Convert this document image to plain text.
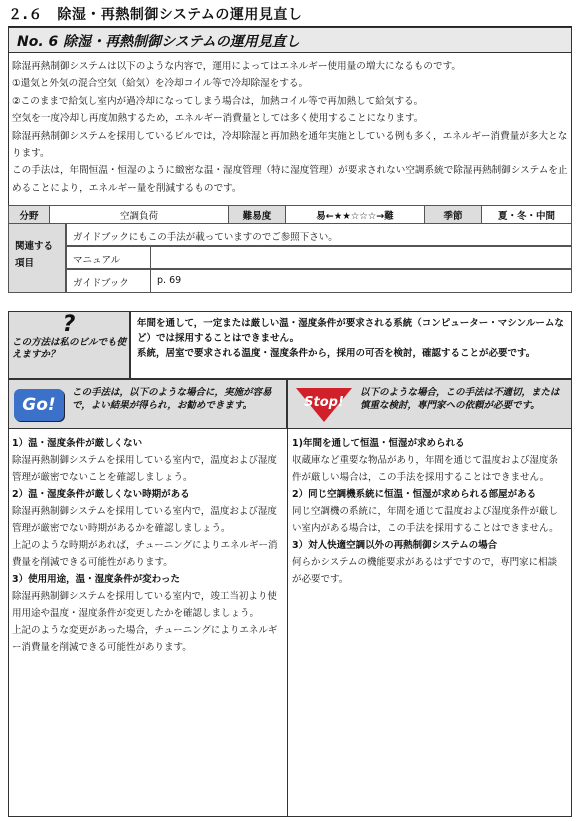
２.６　除湿・再熱制御システムの運用見直し
No. 6 除湿・再熱制御システムの運用見直し
除湿再熱制御システムは以下のような内容で，運用によってはエネルギー使用量の増大になるものです。
①還気と外気の混合空気（給気）を冷却コイル等で冷却除湿をする。
②このままで給気し室内が過冷却になってしまう場合は，加熱コイル等で再加熱して給気する。
空気を一度冷却し再度加熱するため，エネルギー消費量としては多く使用することになります。
除湿再熱制御システムを採用しているビルでは，冷却除湿と再加熱を通年実施としている例も多く，エネルギー消費量が多大となります。
この手法は，年間恒温・恒湿のように緻密な温・湿度管理（特に湿度管理）が要求されない空調系統で除湿再熱制御システムを止めることにより，エネルギー量を削減するものです。
分野	空調負荷	難易度	易←★★☆☆☆→難	季節	夏・冬・中間
関連する項目
ガイドブックにもこの手法が載っていますのでご参照下さい。
マニュアル
ガイドブック	p. 69
?
この方法は私のビルでも使えますか？
年間を通して，一定または厳しい温・湿度条件が要求される系統（コンピューター・マシンルームなど）では採用することはできません。
系統，居室で要求される温度・湿度条件から，採用の可否を検討，確認することが必要です。
Go!
この手法は，以下のような場合に，実施が容易で，よい結果が得られ，お勧めできます。	Stop!
以下のような場合，この手法は不適切，または慎重な検討，専門家への依頼が必要です。
1）温・湿度条件が厳しくない
除湿再熱制御システムを採用している室内で，温度および湿度管理が厳密でないことを確認しましょう。
2）温・湿度条件が厳しくない時期がある
除湿再熱制御システムを採用している室内で，温度および湿度管理が厳密でない時期があるかを確認しましょう。
上記のような時期があれば，チューニングによりエネルギー消費量を削減できる可能性があります。
3）使用用途，温・湿度条件が変わった
除湿再熱制御システムを採用している室内で，竣工当初より使用用途や温度・湿度条件が変更したかを確認しましょう。
上記のような変更があった場合，チューニングによりエネルギー消費量を削減できる可能性があります。
1)年間を通して恒温・恒湿が求められる
収蔵庫など重要な物品があり，年間を通じて温度および湿度条件が厳しい場合は，この手法を採用することはできません。
2）同じ空調機系統に恒温・恒湿が求められる部屋がある
同じ空調機の系統に，年間を通じて温度および湿度条件が厳しい室内がある場合は，この手法を採用することはできません。
3）対人快適空調以外の再熱制御システムの場合
何らかシステムの機能要求があるはずですので，専門家に相談が必要です。
